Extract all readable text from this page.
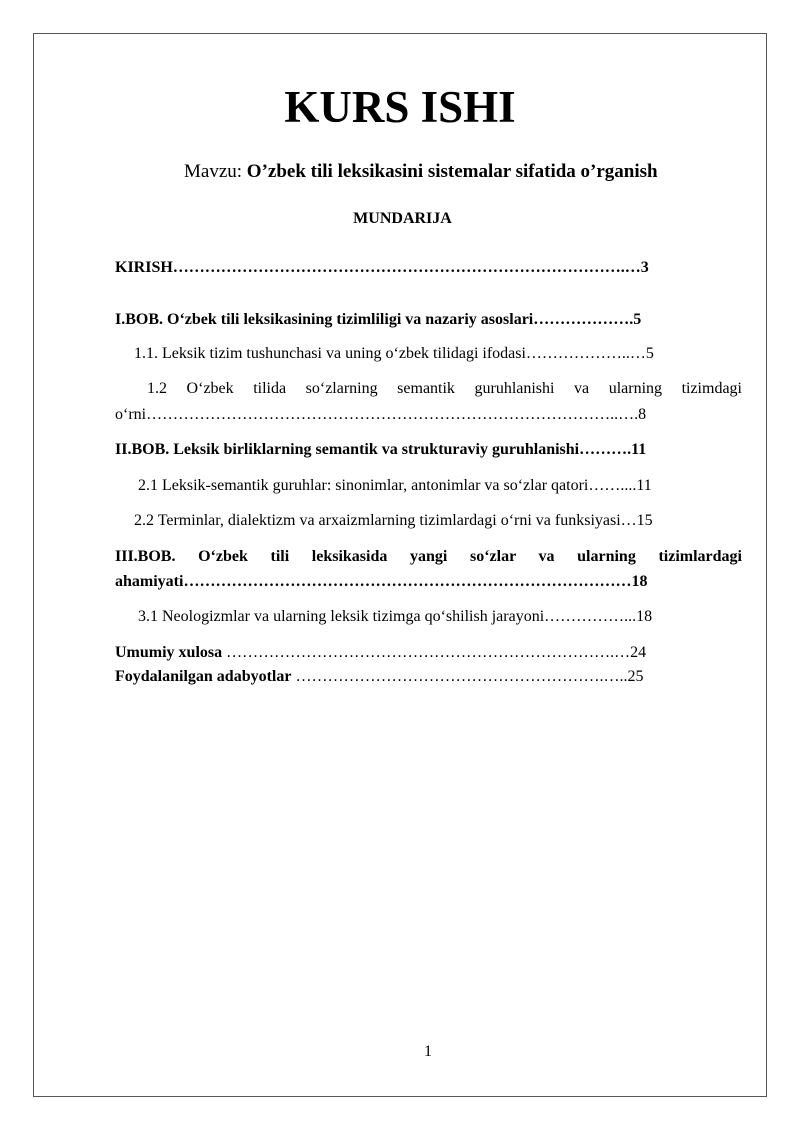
KURS ISHI
Mavzu: O’zbek tili leksikasini sistemalar sifatida o’rganish
MUNDARIJA
KIRISH………………………………………………………………………….…3
I.BOB. O‘zbek tili leksikasining tizimliligi va nazariy asoslari……………….5
1.1. Leksik tizim tushunchasi va uning o‘zbek tilidagi ifodasi………………..…5
1.2 O‘zbek tilida so‘zlarning semantik guruhlanishi va ularning tizimdagi
o‘rni……………………………………………………………………………..….8
II.BOB. Leksik birliklarning semantik va strukturaviy guruhlanishi……….11
2.1 Leksik-semantik guruhlar: sinonimlar, antonimlar va so‘zlar qatori……....11
2.2 Terminlar, dialektizm va arxaizmlarning tizimlardagi o‘rni va funksiyasi…15
III.BOB. O‘zbek tili leksikasida yangi so‘zlar va ularning tizimlardagi
ahamiyati…………………………………………………………………………18
3.1 Neologizmlar va ularning leksik tizimga qo‘shilish jarayoni……………...18
Umumiy xulosa ……………………………………………………………….…24
Foydalanilgan adabyotlar ………………………………………………….…..25
1
